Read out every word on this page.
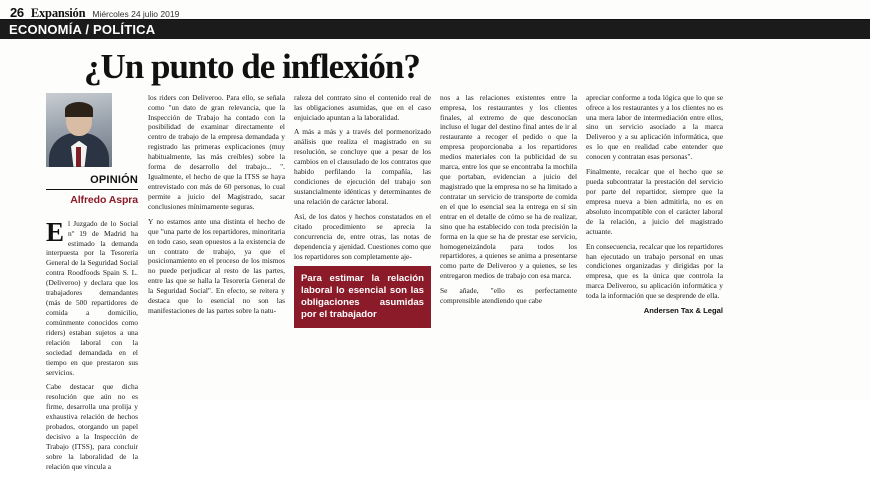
26 Expansión Miércoles 24 julio 2019
ECONOMÍA / POLÍTICA
¿Un punto de inflexión?
OPINIÓN
Alfredo Aspra
E l Juzgado de lo Social nº 19 de Madrid ha estimado la demanda interpuesta por la Tesorería General de la Seguridad Social contra Roodfoods Spain S. L. (Deliveroo) y declara que los trabajadores demandantes (más de 500 repartidores de comida a domicilio, comúnmente conocidos como riders) estaban sujetos a una relación laboral con la sociedad demandada en el tiempo en que prestaron sus servicios.

Cabe destacar que dicha resolución que aún no es firme, desarrolla una prolija y exhaustiva relación de hechos probados, otorgando un papel decisivo a la Inspección de Trabajo (ITSS), para concluir sobre la laboralidad de la relación que vincula a

los riders con Deliveroo. Para ello, se señala como "un dato de gran relevancia, que la Inspección de Trabajo ha contado con la posibilidad de examinar directamente el centro de trabajo de la empresa demandada y registrado las primeras explicaciones (muy habitualmente, las más creíbles) sobre la forma de desarrollo del trabajo... ". Igualmente, el hecho de que la ITSS se haya entrevistado con más de 60 personas, lo cual permite a juicio del Magistrado, sacar conclusiones mínimamente seguras.

Y no estamos ante una distinta el hecho de que "una parte de los repartidores, minoritaria en todo caso, sean opuestos a la existencia de un contrato de trabajo, ya que el posicionamiento en el proceso de los mismos no puede perjudicar al resto de las partes, entre las que se halla la Tesorería General de la Seguridad Social". En efecto, se reitera y destaca que lo esencial no son las manifestaciones de las partes sobre la natu-

raleza del contrato sino el contenido real de las obligaciones asumidas, que en el caso enjuiciado apuntan a la laboralidad.

A más a más y a través del pormenorizado análisis que realiza el magistrado en su resolución, se concluye que a pesar de los cambios en el clausulado de los contratos que habido perfilando la compañía, las condiciones de ejecución del trabajo son sustancialmente idénticas y determinantes de una relación de carácter laboral.

Así, de los datos y hechos constatados en el citado procedimiento se aprecia la concurrencia de, entre otras, las notas de dependencia y ajenidad. Cuestiones como que los repartidores son completamente aje-

Para estimar la relación laboral lo esencial son las obligaciones asumidas por el trabajador

nos a las relaciones existentes entre la empresa, los restaurantes y los clientes finales, al extremo de que desconocían incluso el lugar del destino final antes de ir al restaurante a recoger el pedido o que la empresa proporcionaba a los repartidores medios materiales con la publicidad de su marca, entre los que se encontraba la mochila que portaban, evidencian a juicio del magistrado que la empresa no se ha limitado a contratar un servicio de transporte de comida en el que lo esencial sea la entrega en sí sin entrar en el detalle de cómo se ha de realizar, sino que ha establecido con toda precisión la forma en la que se ha de prestar ese servicio, homogeneizándola para todos los repartidores, a quienes se anima a presentarse como parte de Deliveroo y a quienes, se les entregaron medios de trabajo con esa marca.

Se añade, "ello es perfectamente comprensible atendiendo que cabe

apreciar conforme a toda lógica que lo que se ofrece a los restaurantes y a los clientes no es una mera labor de intermediación entre ellos, sino un servicio asociado a la marca Deliveroo y a su aplicación informática, que es lo que en realidad cabe entender que conocen y contratan esas personas".

Finalmente, recalcar que el hecho que se pueda subcontratar la prestación del servicio por parte del repartidor, siempre que la empresa nueva a bien admitirla, no es en absoluto incompatible con el carácter laboral de la relación, a juicio del magistrado actuante.

En consecuencia, recalcar que los repartidores han ejecutado un trabajo personal en unas condiciones organizadas y dirigidas por la empresa, que es la única que controla la marca Deliveroo, su aplicación informática y toda la información que se desprende de ella.

Andersen Tax & Legal
